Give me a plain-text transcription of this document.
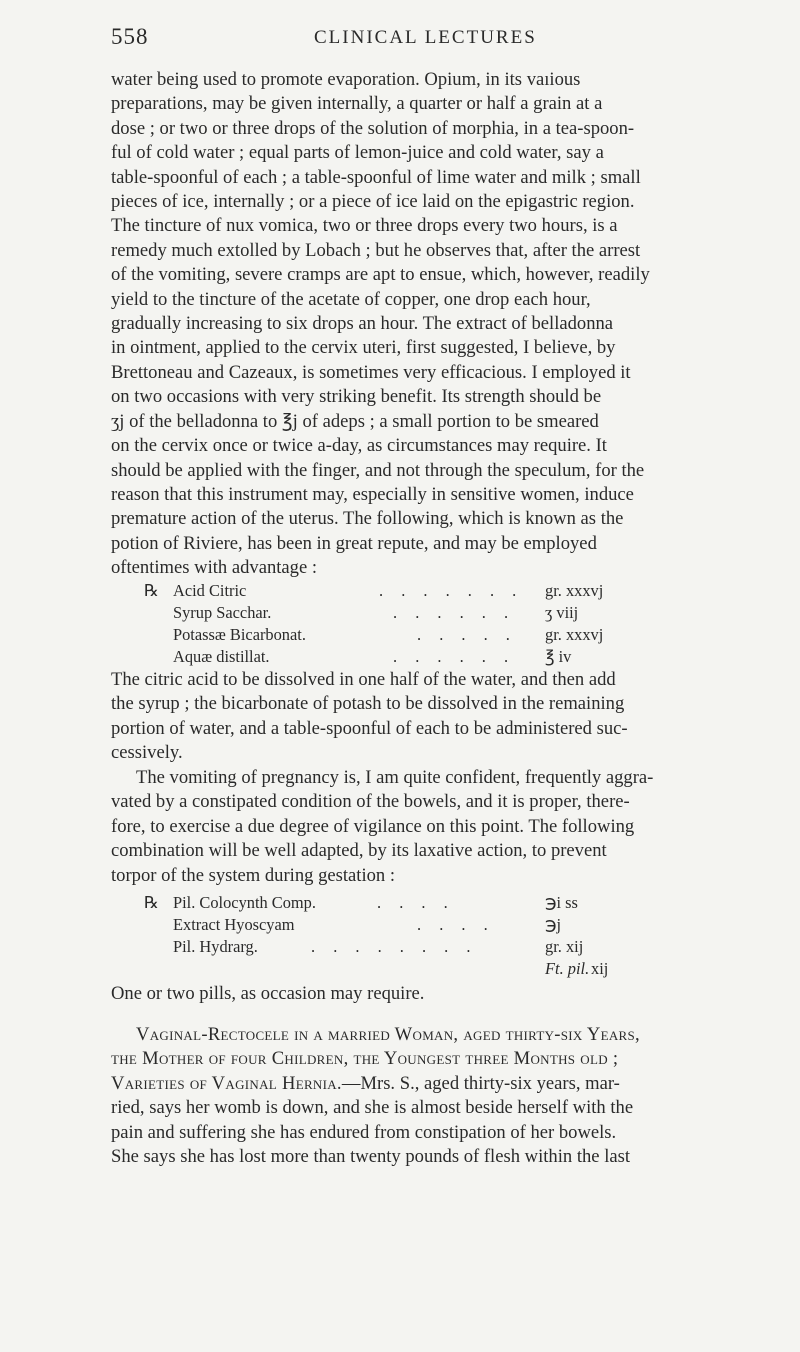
558	CLINICAL LECTURES
water being used to promote evaporation. Opium, in its vaıious
preparations, may be given internally, a quarter or half a grain at a
dose ; or two or three drops of the solution of morphia, in a tea-spoon-
ful of cold water ; equal parts of lemon-juice and cold water, say a
table-spoonful of each ; a table-spoonful of lime water and milk ; small
pieces of ice, internally ; or a piece of ice laid on the epigastric region.
The tincture of nux vomica, two or three drops every two hours, is a
remedy much extolled by Lobach ; but he observes that, after the arrest
of the vomiting, severe cramps are apt to ensue, which, however, readily
yield to the tincture of the acetate of copper, one drop each hour,
gradually increasing to six drops an hour. The extract of belladonna
in ointment, applied to the cervix uteri, first suggested, I believe, by
Brettoneau and Cazeaux, is sometimes very efficacious. I employed it
on two occasions with very striking benefit. Its strength should be
ʒj of the belladonna to ℥j of adeps ; a small portion to be smeared
on the cervix once or twice a-day, as circumstances may require. It
should be applied with the finger, and not through the speculum, for the
reason that this instrument may, especially in sensitive women, induce
premature action of the uterus. The following, which is known as the
potion of Riviere, has been in great repute, and may be employed
oftentimes with advantage :
℞ Acid Citric	. . . . . . . gr. xxxvj
Syrup Sacchar.	. . . . . . ʒ viij
Potassæ Bicarbonat.	. . . . . gr. xxxvj
Aquæ distillat.	. . . . . . ℥ iv
The citric acid to be dissolved in one half of the water, and then add
the syrup ; the bicarbonate of potash to be dissolved in the remaining
portion of water, and a table-spoonful of each to be administered suc-
cessively.
The vomiting of pregnancy is, I am quite confident, frequently aggra-
vated by a constipated condition of the bowels, and it is proper, there-
fore, to exercise a due degree of vigilance on this point. The following
combination will be well adapted, by its laxative action, to prevent
torpor of the system during gestation :
℞ Pil. Colocynth Comp.	. . . .	℈i ss
Extract Hyoscyam	. . . .	℈j
Pil. Hydrarg.	. . . . . . . .	gr. xij
Ft. pil. xij
One or two pills, as occasion may require.
Vaginal-Rectocele in a married Woman, aged thirty-six Years,
the Mother of four Children, the Youngest three Months old ;
Varieties of Vaginal Hernia.—Mrs. S., aged thirty-six years, mar-
ried, says her womb is down, and she is almost beside herself with the
pain and suffering she has endured from constipation of her bowels.
She says she has lost more than twenty pounds of flesh within the last
